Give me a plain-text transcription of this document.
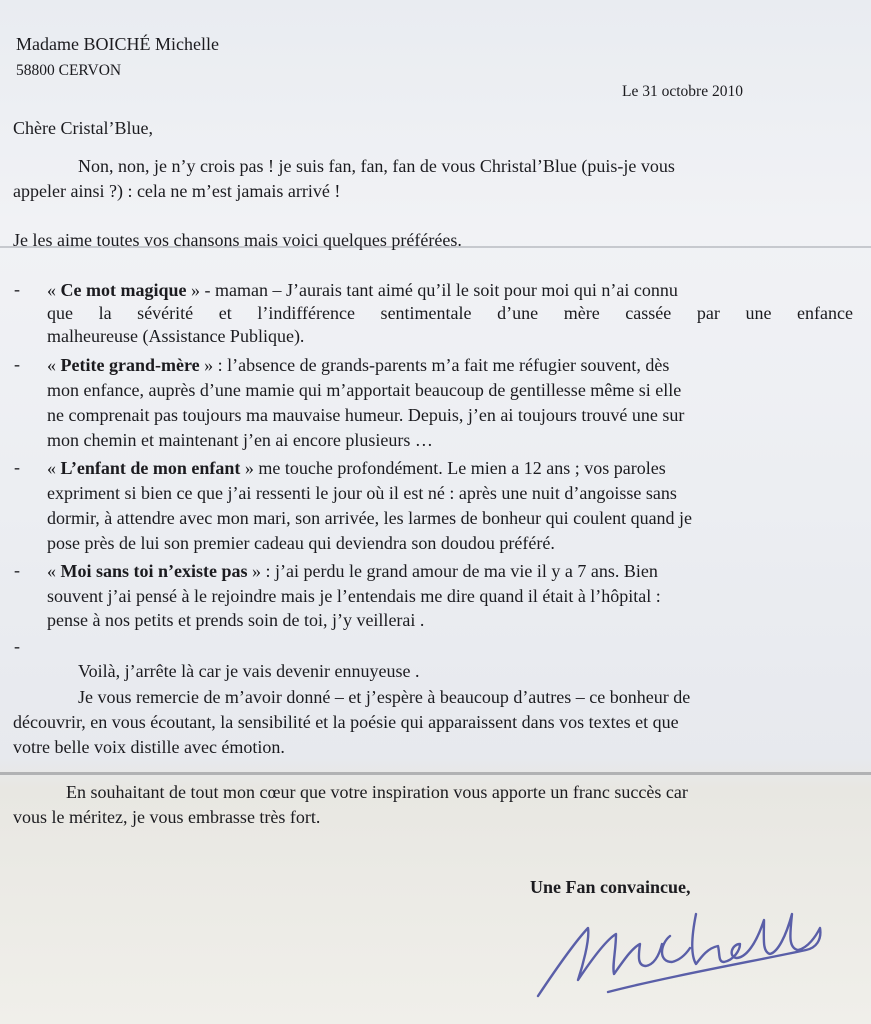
Madame BOICHÉ Michelle

58800 CERVON

Le 31 octobre 2010

Chère Cristal’Blue,

Non, non, je n’y crois pas ! je suis fan, fan, fan de vous Christal’Blue (puis-je vous

appeler ainsi ?) : cela ne m’est jamais arrivé !

Je les aime toutes vos chansons mais voici quelques préférées.

- « Ce mot magique » - maman – J’aurais tant aimé qu’il le soit pour moi qui n’ai connu

que la sévérité et l’indifférence sentimentale d’une mère cassée par une enfance

malheureuse (Assistance Publique).

- « Petite grand-mère » : l’absence de grands-parents m’a fait me réfugier souvent, dès

mon enfance, auprès d’une mamie qui m’apportait beaucoup de gentillesse même si elle

ne comprenait pas toujours ma mauvaise humeur. Depuis, j’en ai toujours trouvé une sur

mon chemin et maintenant j’en ai encore plusieurs …

- « L’enfant de mon enfant » me touche profondément. Le mien a 12 ans ; vos paroles

expriment si bien ce que j’ai ressenti le jour où il est né : après une nuit d’angoisse sans

dormir, à attendre avec mon mari, son arrivée, les larmes de bonheur qui coulent quand je

pose près de lui son premier cadeau qui deviendra son doudou préféré.

- « Moi sans toi n’existe pas » : j’ai perdu le grand amour de ma vie il y a 7 ans. Bien

souvent j’ai pensé à le rejoindre mais je l’entendais me dire quand il était à l’hôpital :

pense à nos petits et prends soin de toi, j’y veillerai .

-

Voilà, j’arrête là car je vais devenir ennuyeuse .

Je vous remercie de m’avoir donné – et j’espère à beaucoup d’autres – ce bonheur de

découvrir, en vous écoutant, la sensibilité et la poésie qui apparaissent dans vos textes et que

votre belle voix distille avec émotion.

En souhaitant de tout mon cœur que votre inspiration vous apporte un franc succès car

vous le méritez, je vous embrasse très fort.

Une Fan convaincue,
